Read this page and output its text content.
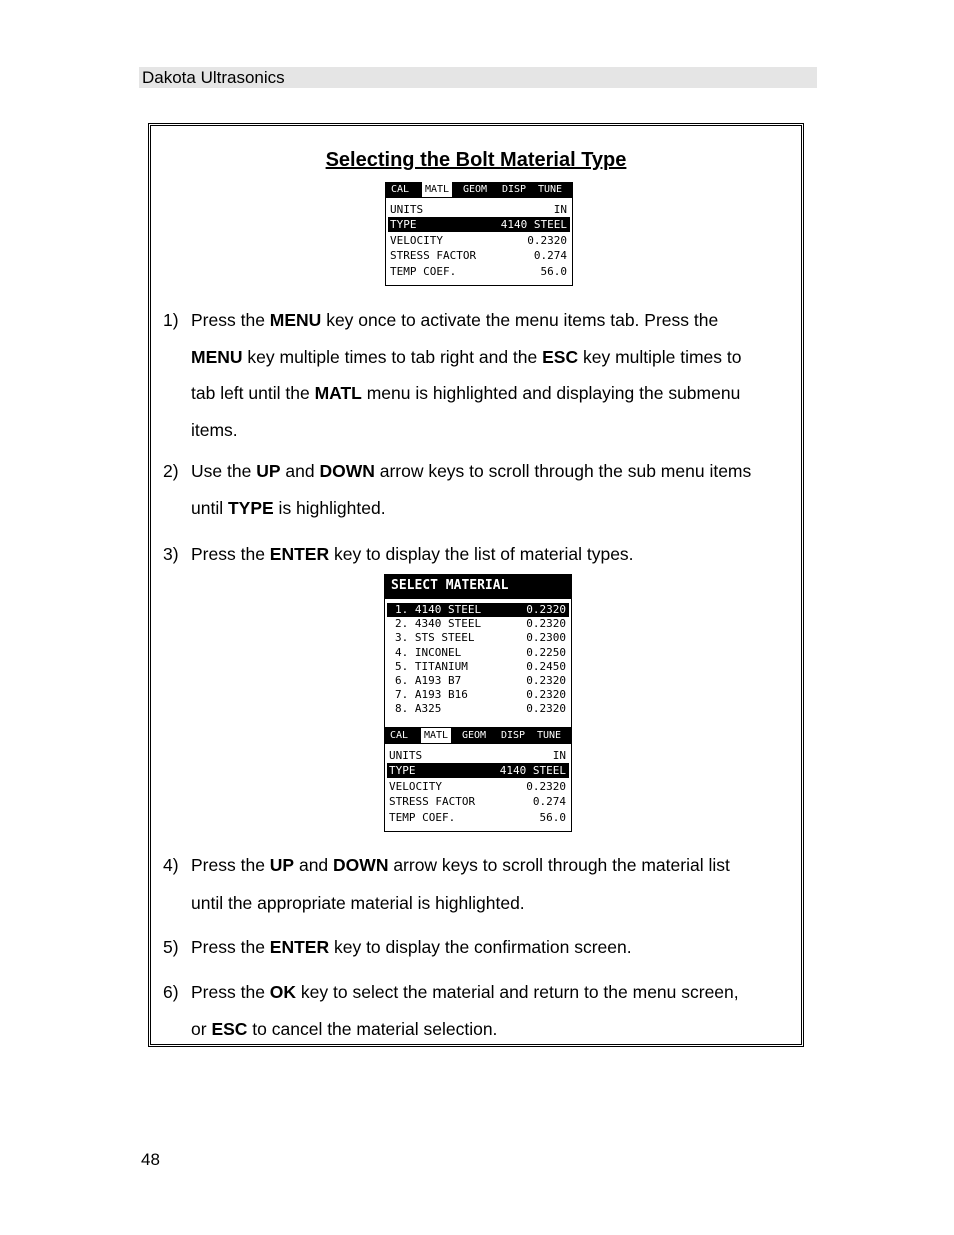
Dakota Ultrasonics
Selecting the Bolt Material Type
CAL	MATL	GEOM DISP TUNE
UNITS	IN
TYPE	4140 STEEL
VELOCITY	0.2320
STRESS FACTOR	0.274
TEMP COEF.	56.0
SELECT MATERIAL
1. 4140 STEEL	0.2320
2. 4340 STEEL	0.2320
3. STS STEEL	0.2300
4. INCONEL	0.2250
5. TITANIUM	0.2450
6. A193 B7	0.2320
7. A193 B16	0.2320
8. A325	0.2320
CAL	MATL	GEOM DISP TUNE
UNITS	IN
TYPE	4140 STEEL
VELOCITY	0.2320
STRESS FACTOR	0.274
TEMP COEF.	56.0
1) Press the MENU key once to activate the menu items tab. Press the
MENU key multiple times to tab right and the ESC key multiple times to
tab left until the MATL menu is highlighted and displaying the submenu
items.
2) Use the UP and DOWN arrow keys to scroll through the sub menu items
until TYPE is highlighted.
3) Press the ENTER key to display the list of material types.
4) Press the UP and DOWN arrow keys to scroll through the material list
until the appropriate material is highlighted.
5) Press the ENTER key to display the confirmation screen.
6) Press the OK key to select the material and return to the menu screen,
or ESC to cancel the material selection.
48
